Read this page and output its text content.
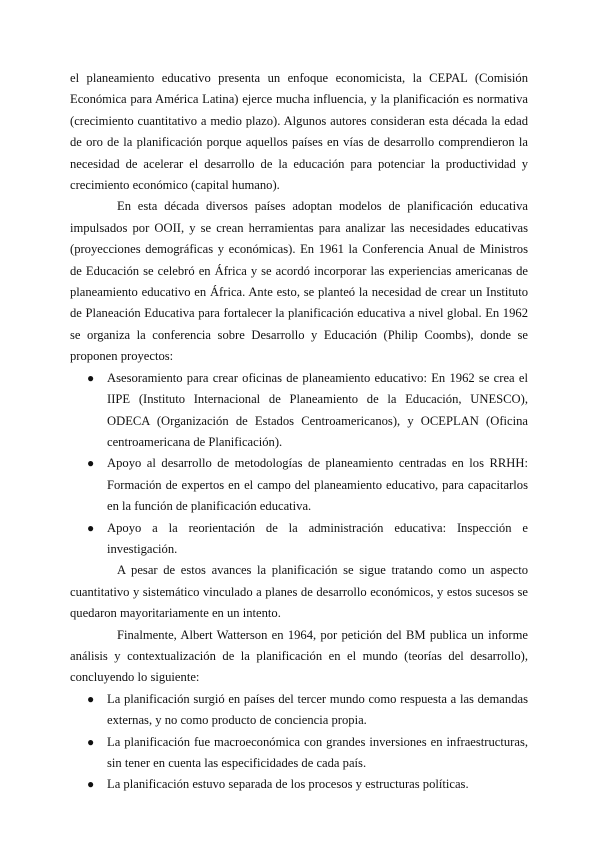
el planeamiento educativo presenta un enfoque economicista, la CEPAL (Comisión Económica para América Latina) ejerce mucha influencia, y la planificación es normativa (crecimiento cuantitativo a medio plazo). Algunos autores consideran esta década la edad de oro de la planificación porque aquellos países en vías de desarrollo comprendieron la necesidad de acelerar el desarrollo de la educación para potenciar la productividad y crecimiento económico (capital humano).

En esta década diversos países adoptan modelos de planificación educativa impulsados por OOII, y se crean herramientas para analizar las necesidades educativas (proyecciones demográficas y económicas). En 1961 la Conferencia Anual de Ministros de Educación se celebró en África y se acordó incorporar las experiencias americanas de planeamiento educativo en África. Ante esto, se planteó la necesidad de crear un Instituto de Planeación Educativa para fortalecer la planificación educativa a nivel global. En 1962 se organiza la conferencia sobre Desarrollo y Educación (Philip Coombs), donde se proponen proyectos:

● Asesoramiento para crear oficinas de planeamiento educativo: En 1962 se crea el IIPE (Instituto Internacional de Planeamiento de la Educación, UNESCO), ODECA (Organización de Estados Centroamericanos), y OCEPLAN (Oficina centroamericana de Planificación).
● Apoyo al desarrollo de metodologías de planeamiento centradas en los RRHH: Formación de expertos en el campo del planeamiento educativo, para capacitarlos en la función de planificación educativa.
● Apoyo a la reorientación de la administración educativa: Inspección e investigación.

A pesar de estos avances la planificación se sigue tratando como un aspecto cuantitativo y sistemático vinculado a planes de desarrollo económicos, y estos sucesos se quedaron mayoritariamente en un intento.

Finalmente, Albert Watterson en 1964, por petición del BM publica un informe análisis y contextualización de la planificación en el mundo (teorías del desarrollo), concluyendo lo siguiente:

● La planificación surgió en países del tercer mundo como respuesta a las demandas externas, y no como producto de conciencia propia.
● La planificación fue macroeconómica con grandes inversiones en infraestructuras, sin tener en cuenta las especificidades de cada país.
● La planificación estuvo separada de los procesos y estructuras políticas.
